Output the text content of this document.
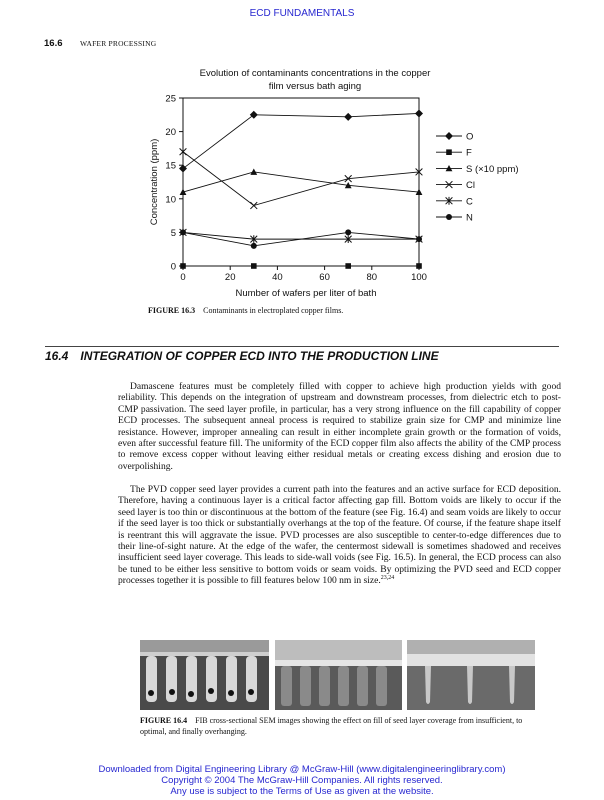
ECD FUNDAMENTALS
16.6 WAFER PROCESSING
Evolution of contaminants concentrations in the copper
film versus bath aging
0
5
10
15
20
25
0	20	40	60	80	100
Number of wafers per liter of bath
Concentration (ppm)
O
F
S (×10 ppm)
Cl
C
N
FIGURE 16.3 Contaminants in electroplated copper films.
16.4 INTEGRATION OF COPPER ECD INTO THE PRODUCTION LINE
Damascene features must be completely filled with copper to achieve high production yields with good reliability. This depends on the integration of upstream and downstream processes, from dielectric etch to post-CMP passivation. The seed layer profile, in particular, has a very strong influence on the fill capability of copper ECD processes. The subsequent anneal process is required to stabilize grain size for CMP and minimize line resistance. However, improper annealing can result in either incomplete grain growth or the formation of voids, even after successful feature fill. The uniformity of the ECD copper film also affects the ability of the CMP process to remove excess copper without leaving either residual metals or creating excess dishing and erosion due to overpolishing.
The PVD copper seed layer provides a current path into the features and an active surface for ECD deposition. Therefore, having a continuous layer is a critical factor affecting gap fill. Bottom voids are likely to occur if the seed layer is too thin or discontinuous at the bottom of the feature (see Fig. 16.4) and seam voids are likely to occur if the seed layer is too thick or substantially overhangs at the top of the feature. Of course, if the feature shape itself is reentrant this will aggravate the issue. PVD processes are also susceptible to center-to-edge differences due to their line-of-sight nature. At the edge of the wafer, the centermost sidewall is sometimes shadowed and receives insufficient seed layer coverage. This leads to side-wall voids (see Fig. 16.5). In general, the ECD process can also be tuned to be either less sensitive to bottom voids or seam voids. By optimizing the PVD seed and ECD copper processes together it is possible to fill features below 100 nm in size.$^{23,24}$
FIGURE 16.4 FIB cross-sectional SEM images showing the effect on fill of seed layer coverage from insufficient, to optimal, and finally overhanging.
Downloaded from Digital Engineering Library @ McGraw-Hill (www.digitalengineeringlibrary.com)
Copyright © 2004 The McGraw-Hill Companies. All rights reserved.
Any use is subject to the Terms of Use as given at the website.
